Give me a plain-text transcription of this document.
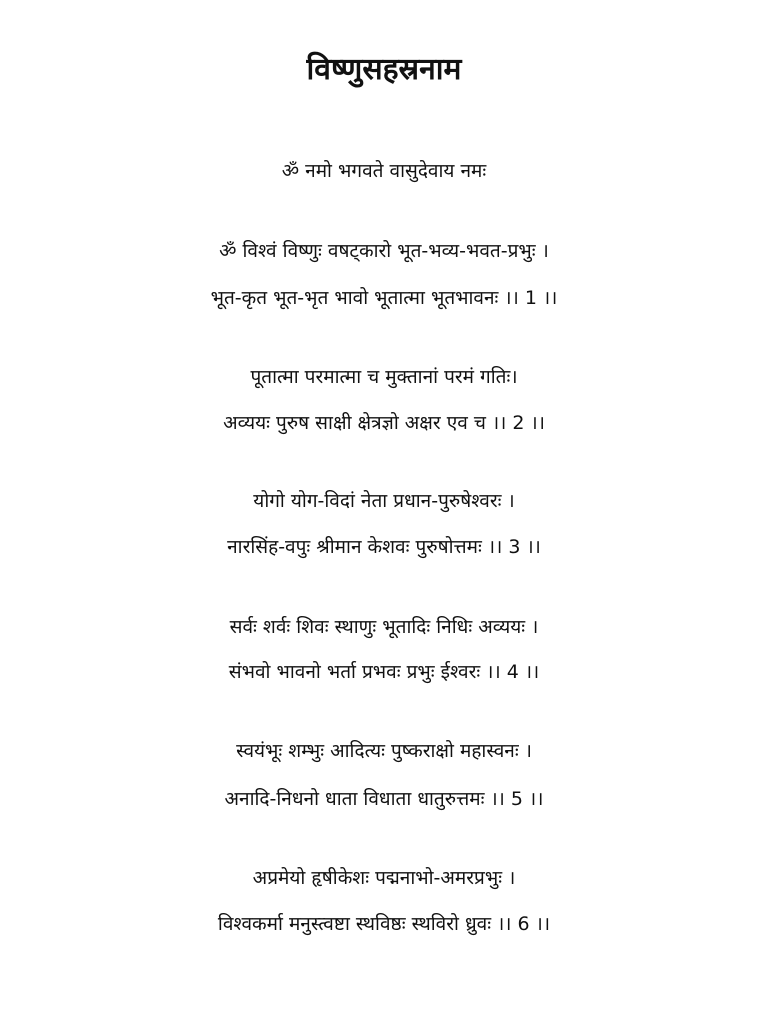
विष्णुसहस्रनाम
ॐ नमो भगवते वासुदेवाय नमः
ॐ विश्वं विष्णुः वषट्कारो भूत-भव्य-भवत-प्रभुः ।
भूत-कृत भूत-भृत भावो भूतात्मा भूतभावनः ।। 1 ।।
पूतात्मा परमात्मा च मुक्तानां परमं गतिः।
अव्ययः पुरुष साक्षी क्षेत्रज्ञो अक्षर एव च ।। 2 ।।
योगो योग-विदां नेता प्रधान-पुरुषेश्वरः ।
नारसिंह-वपुः श्रीमान केशवः पुरुषोत्तमः ।। 3 ।।
सर्वः शर्वः शिवः स्थाणुः भूतादिः निधिः अव्ययः ।
संभवो भावनो भर्ता प्रभवः प्रभुः ईश्वरः ।। 4 ।।
स्वयंभूः शम्भुः आदित्यः पुष्कराक्षो महास्वनः ।
अनादि-निधनो धाता विधाता धातुरुत्तमः ।। 5 ।।
अप्रमेयो हृषीकेशः पद्मनाभो-अमरप्रभुः ।
विश्वकर्मा मनुस्त्वष्टा स्थविष्ठः स्थविरो ध्रुवः ।। 6 ।।
